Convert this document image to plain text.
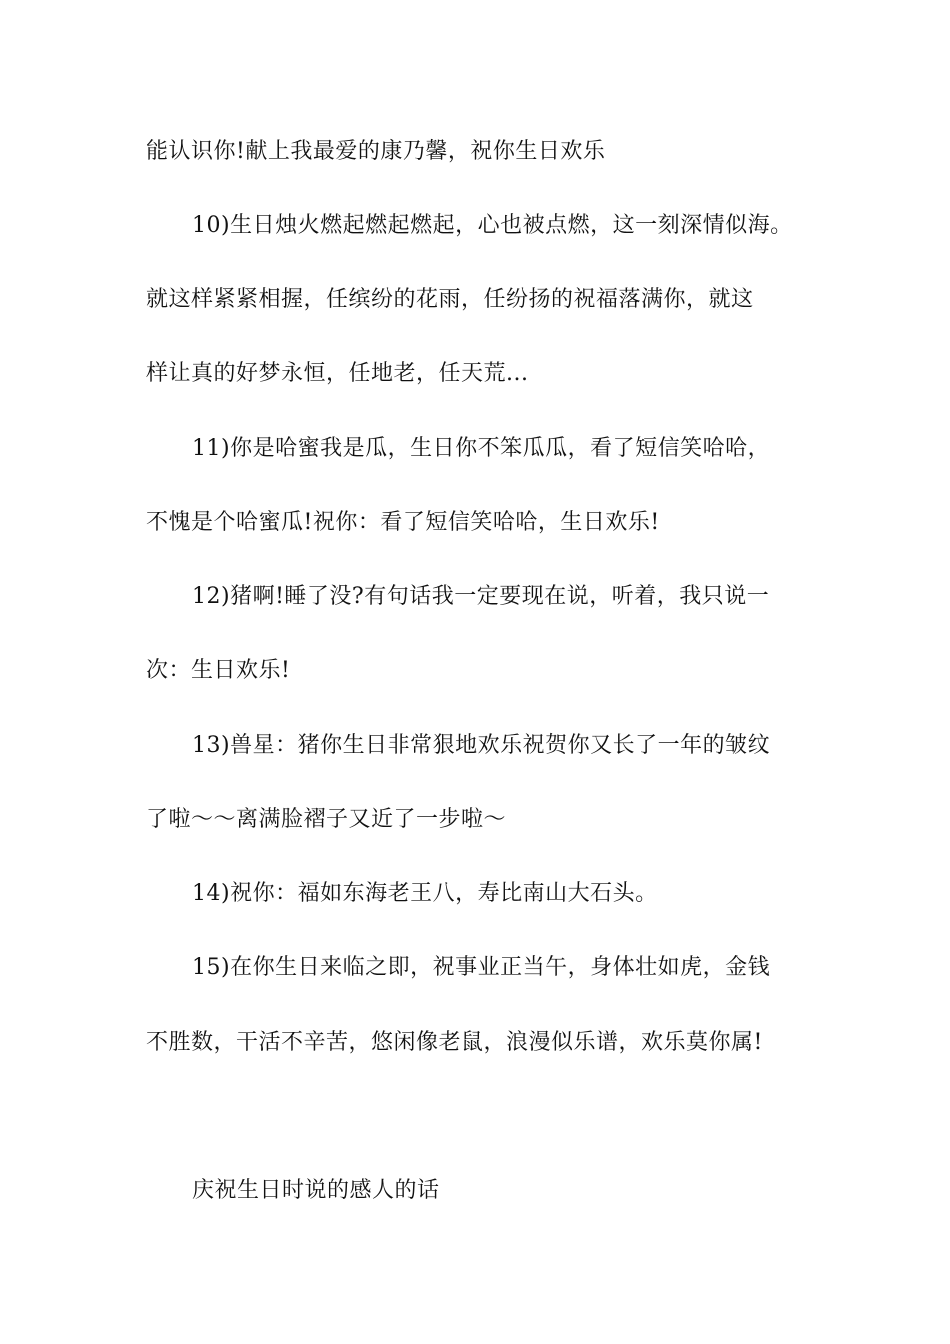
能认识你!献上我最爱的康乃馨，祝你生日欢乐
10)生日烛火燃起燃起燃起，心也被点燃，这一刻深情似海。
就这样紧紧相握，任缤纷的花雨，任纷扬的祝福落满你，就这
样让真的好梦永恒，任地老，任天荒...
11)你是哈蜜我是瓜，生日你不笨瓜瓜，看了短信笑哈哈，
不愧是个哈蜜瓜!祝你：看了短信笑哈哈，生日欢乐!
12)猪啊!睡了没?有句话我一定要现在说，听着，我只说一
次：生日欢乐!
13)兽星：猪你生日非常狠地欢乐祝贺你又长了一年的皱纹
了啦～～离满脸褶子又近了一步啦～
14)祝你：福如东海老王八，寿比南山大石头。
15)在你生日来临之即，祝事业正当午，身体壮如虎，金钱
不胜数，干活不辛苦，悠闲像老鼠，浪漫似乐谱，欢乐莫你属!
庆祝生日时说的感人的话
